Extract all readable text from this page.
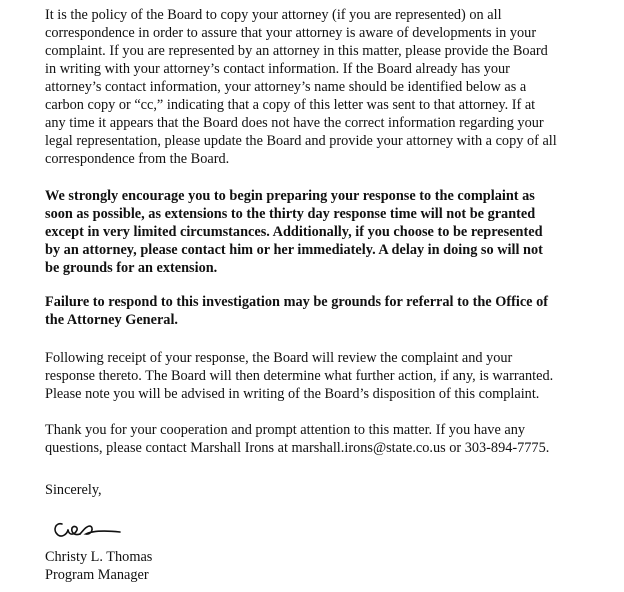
It is the policy of the Board to copy your attorney (if you are represented) on all
correspondence in order to assure that your attorney is aware of developments in your
complaint. If you are represented by an attorney in this matter, please provide the Board
in writing with your attorney’s contact information. If the Board already has your
attorney’s contact information, your attorney’s name should be identified below as a
carbon copy or “cc,” indicating that a copy of this letter was sent to that attorney. If at
any time it appears that the Board does not have the correct information regarding your
legal representation, please update the Board and provide your attorney with a copy of all
correspondence from the Board.

We strongly encourage you to begin preparing your response to the complaint as
soon as possible, as extensions to the thirty day response time will not be granted
except in very limited circumstances. Additionally, if you choose to be represented
by an attorney, please contact him or her immediately. A delay in doing so will not
be grounds for an extension.

Failure to respond to this investigation may be grounds for referral to the Office of
the Attorney General.

Following receipt of your response, the Board will review the complaint and your
response thereto. The Board will then determine what further action, if any, is warranted.
Please note you will be advised in writing of the Board’s disposition of this complaint.

Thank you for your cooperation and prompt attention to this matter. If you have any
questions, please contact Marshall Irons at marshall.irons@state.co.us or 303-894-7775.

Sincerely,
Christy L. Thomas
Program Manager
